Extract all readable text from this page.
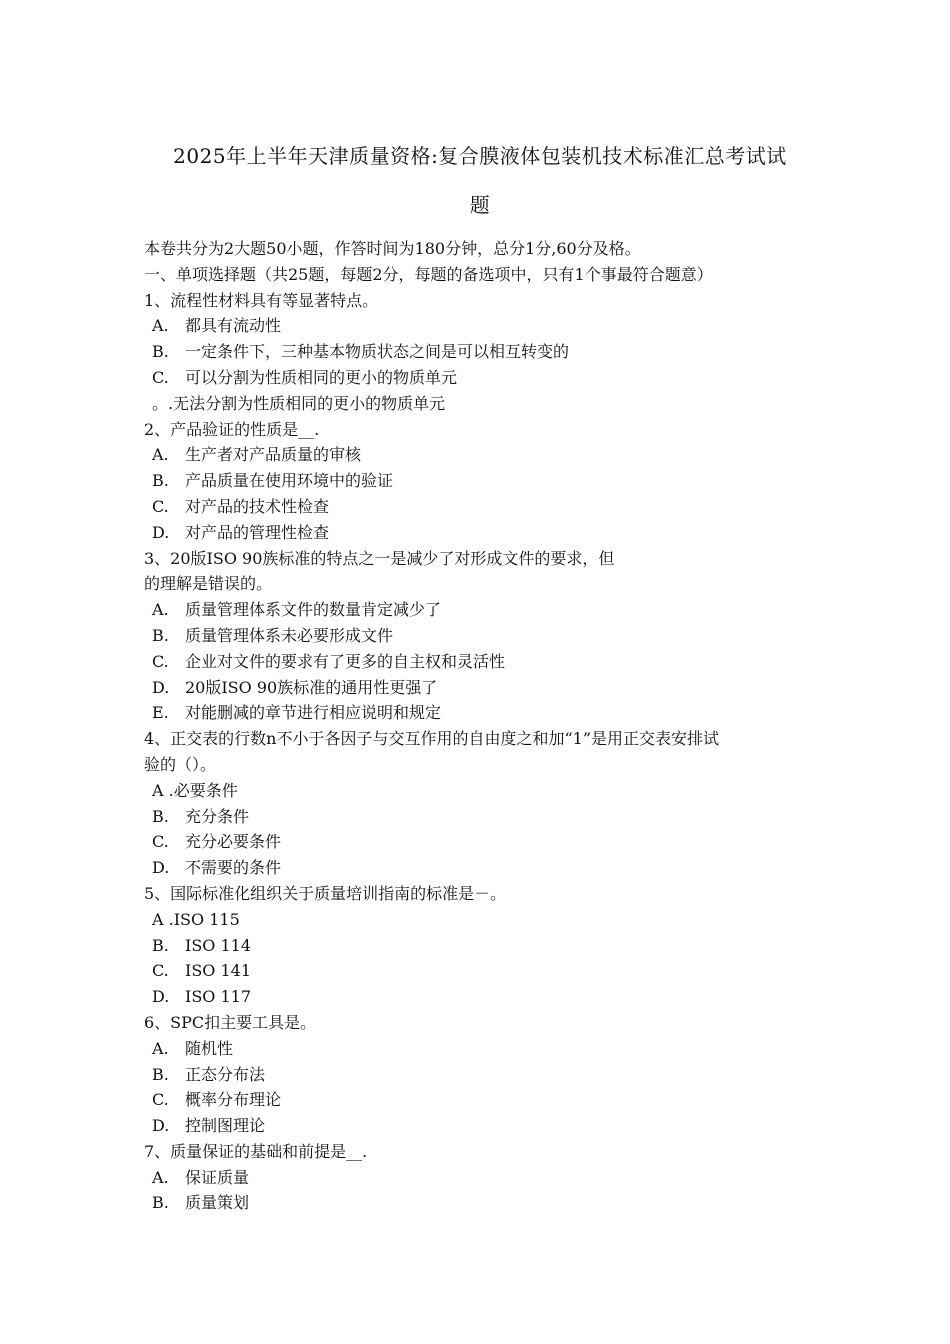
2025年上半年天津质量资格:复合膜液体包装机技术标准汇总考试试
题
本卷共分为2大题50小题，作答时间为180分钟，总分1分,60分及格。
一、单项选择题（共25题，每题2分，每题的备选项中，只有1个事最符合题意）
1、流程性材料具有等显著特点。
A. 都具有流动性
B. 一定条件下，三种基本物质状态之间是可以相互转变的
C. 可以分割为性质相同的更小的物质单元
。.无法分割为性质相同的更小的物质单元
2、产品验证的性质是__.
A. 生产者对产品质量的审核
B. 产品质量在使用环境中的验证
C. 对产品的技术性检查
D. 对产品的管理性检查
3、20版ISO 90族标准的特点之一是减少了对形成文件的要求，但
的理解是错误的。
A. 质量管理体系文件的数量肯定减少了
B. 质量管理体系未必要形成文件
C. 企业对文件的要求有了更多的自主权和灵活性
D. 20版ISO 90族标准的通用性更强了
E. 对能删减的章节进行相应说明和规定
4、正交表的行数n不小于各因子与交互作用的自由度之和加“1”是用正交表安排试
验的（）。
A .必要条件
B. 充分条件
C. 充分必要条件
D. 不需要的条件
5、国际标准化组织关于质量培训指南的标准是－。
A .ISO 115
B. ISO 114
C. ISO 141
D. ISO 117
6、SPC扣主要工具是。
A. 随机性
B. 正态分布法
C. 概率分布理论
D. 控制图理论
7、质量保证的基础和前提是__.
A. 保证质量
B. 质量策划
